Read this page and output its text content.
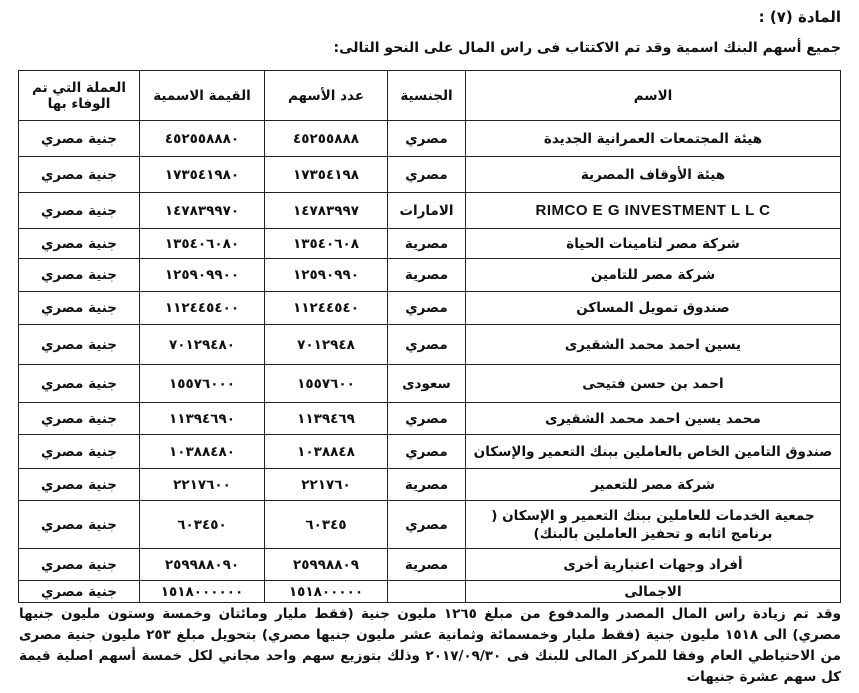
المادة (٧) :
جميع أسهم البنك اسمية وقد تم الاكتتاب فى راس المال على النحو التالى:
الاسم	الجنسية	عدد الأسهم	القيمة الاسمية	العملة التي تم الوفاء بها
هيئة المجتمعات العمرانية الجديدة	مصري	٤٥٢٥٥٨٨٨	٤٥٢٥٥٨٨٨٠	جنية مصري
هيئة الأوقاف المصرية	مصري	١٧٣٥٤١٩٨	١٧٣٥٤١٩٨٠	جنية مصري
RIMCO E G INVESTMENT L L C	الامارات	١٤٧٨٣٩٩٧	١٤٧٨٣٩٩٧٠	جنية مصري
شركة مصر لتامينات الحياة	مصرية	١٣٥٤٠٦٠٨	١٣٥٤٠٦٠٨٠	جنية مصري
شركة مصر للتامين	مصرية	١٢٥٩٠٩٩٠	١٢٥٩٠٩٩٠٠	جنية مصري
صندوق تمويل المساكن	مصري	١١٢٤٤٥٤٠	١١٢٤٤٥٤٠٠	جنية مصري
يسين احمد محمد الشقيرى	مصري	٧٠١٢٩٤٨	٧٠١٢٩٤٨٠	جنية مصري
احمد بن حسن فتيحى	سعودى	١٥٥٧٦٠٠	١٥٥٧٦٠٠٠	جنية مصري
محمد يسين احمد محمد الشقيرى	مصري	١١٣٩٤٦٩	١١٣٩٤٦٩٠	جنية مصري
صندوق التامين الخاص بالعاملين ببنك التعمير والإسكان	مصري	١٠٣٨٨٤٨	١٠٣٨٨٤٨٠	جنية مصري
شركة مصر للتعمير	مصرية	٢٢١٧٦٠	٢٢١٧٦٠٠	جنية مصري
جمعية الخدمات للعاملين ببنك التعمير و الإسكان ( برنامج اثابه و تحفيز العاملين بالبنك)	مصري	٦٠٣٤٥	٦٠٣٤٥٠	جنية مصري
أفراد وجهات اعتبارية أخرى	مصرية	٢٥٩٩٨٨٠٩	٢٥٩٩٨٨٠٩٠	جنية مصري
الاجمالى		١٥١٨٠٠٠٠٠	١٥١٨٠٠٠٠٠٠	جنية مصري
وقد تم زيادة راس المال المصدر والمدفوع من مبلغ ١٢٦٥ مليون جنية (فقط مليار ومائتان وخمسة وستون مليون جنيها مصري) الى ١٥١٨ مليون جنية (فقط مليار وخمسمائة وثمانية عشر مليون جنيها مصري) بتحويل مبلغ ٢٥٣ مليون جنية مصرى من الاحتياطي العام وفقا للمركز المالى للبنك فى ٢٠١٧/٠٩/٣٠ وذلك بتوزيع سهم واحد مجاني لكل خمسة أسهم اصلية قيمة كل سهم عشرة جنيهات
